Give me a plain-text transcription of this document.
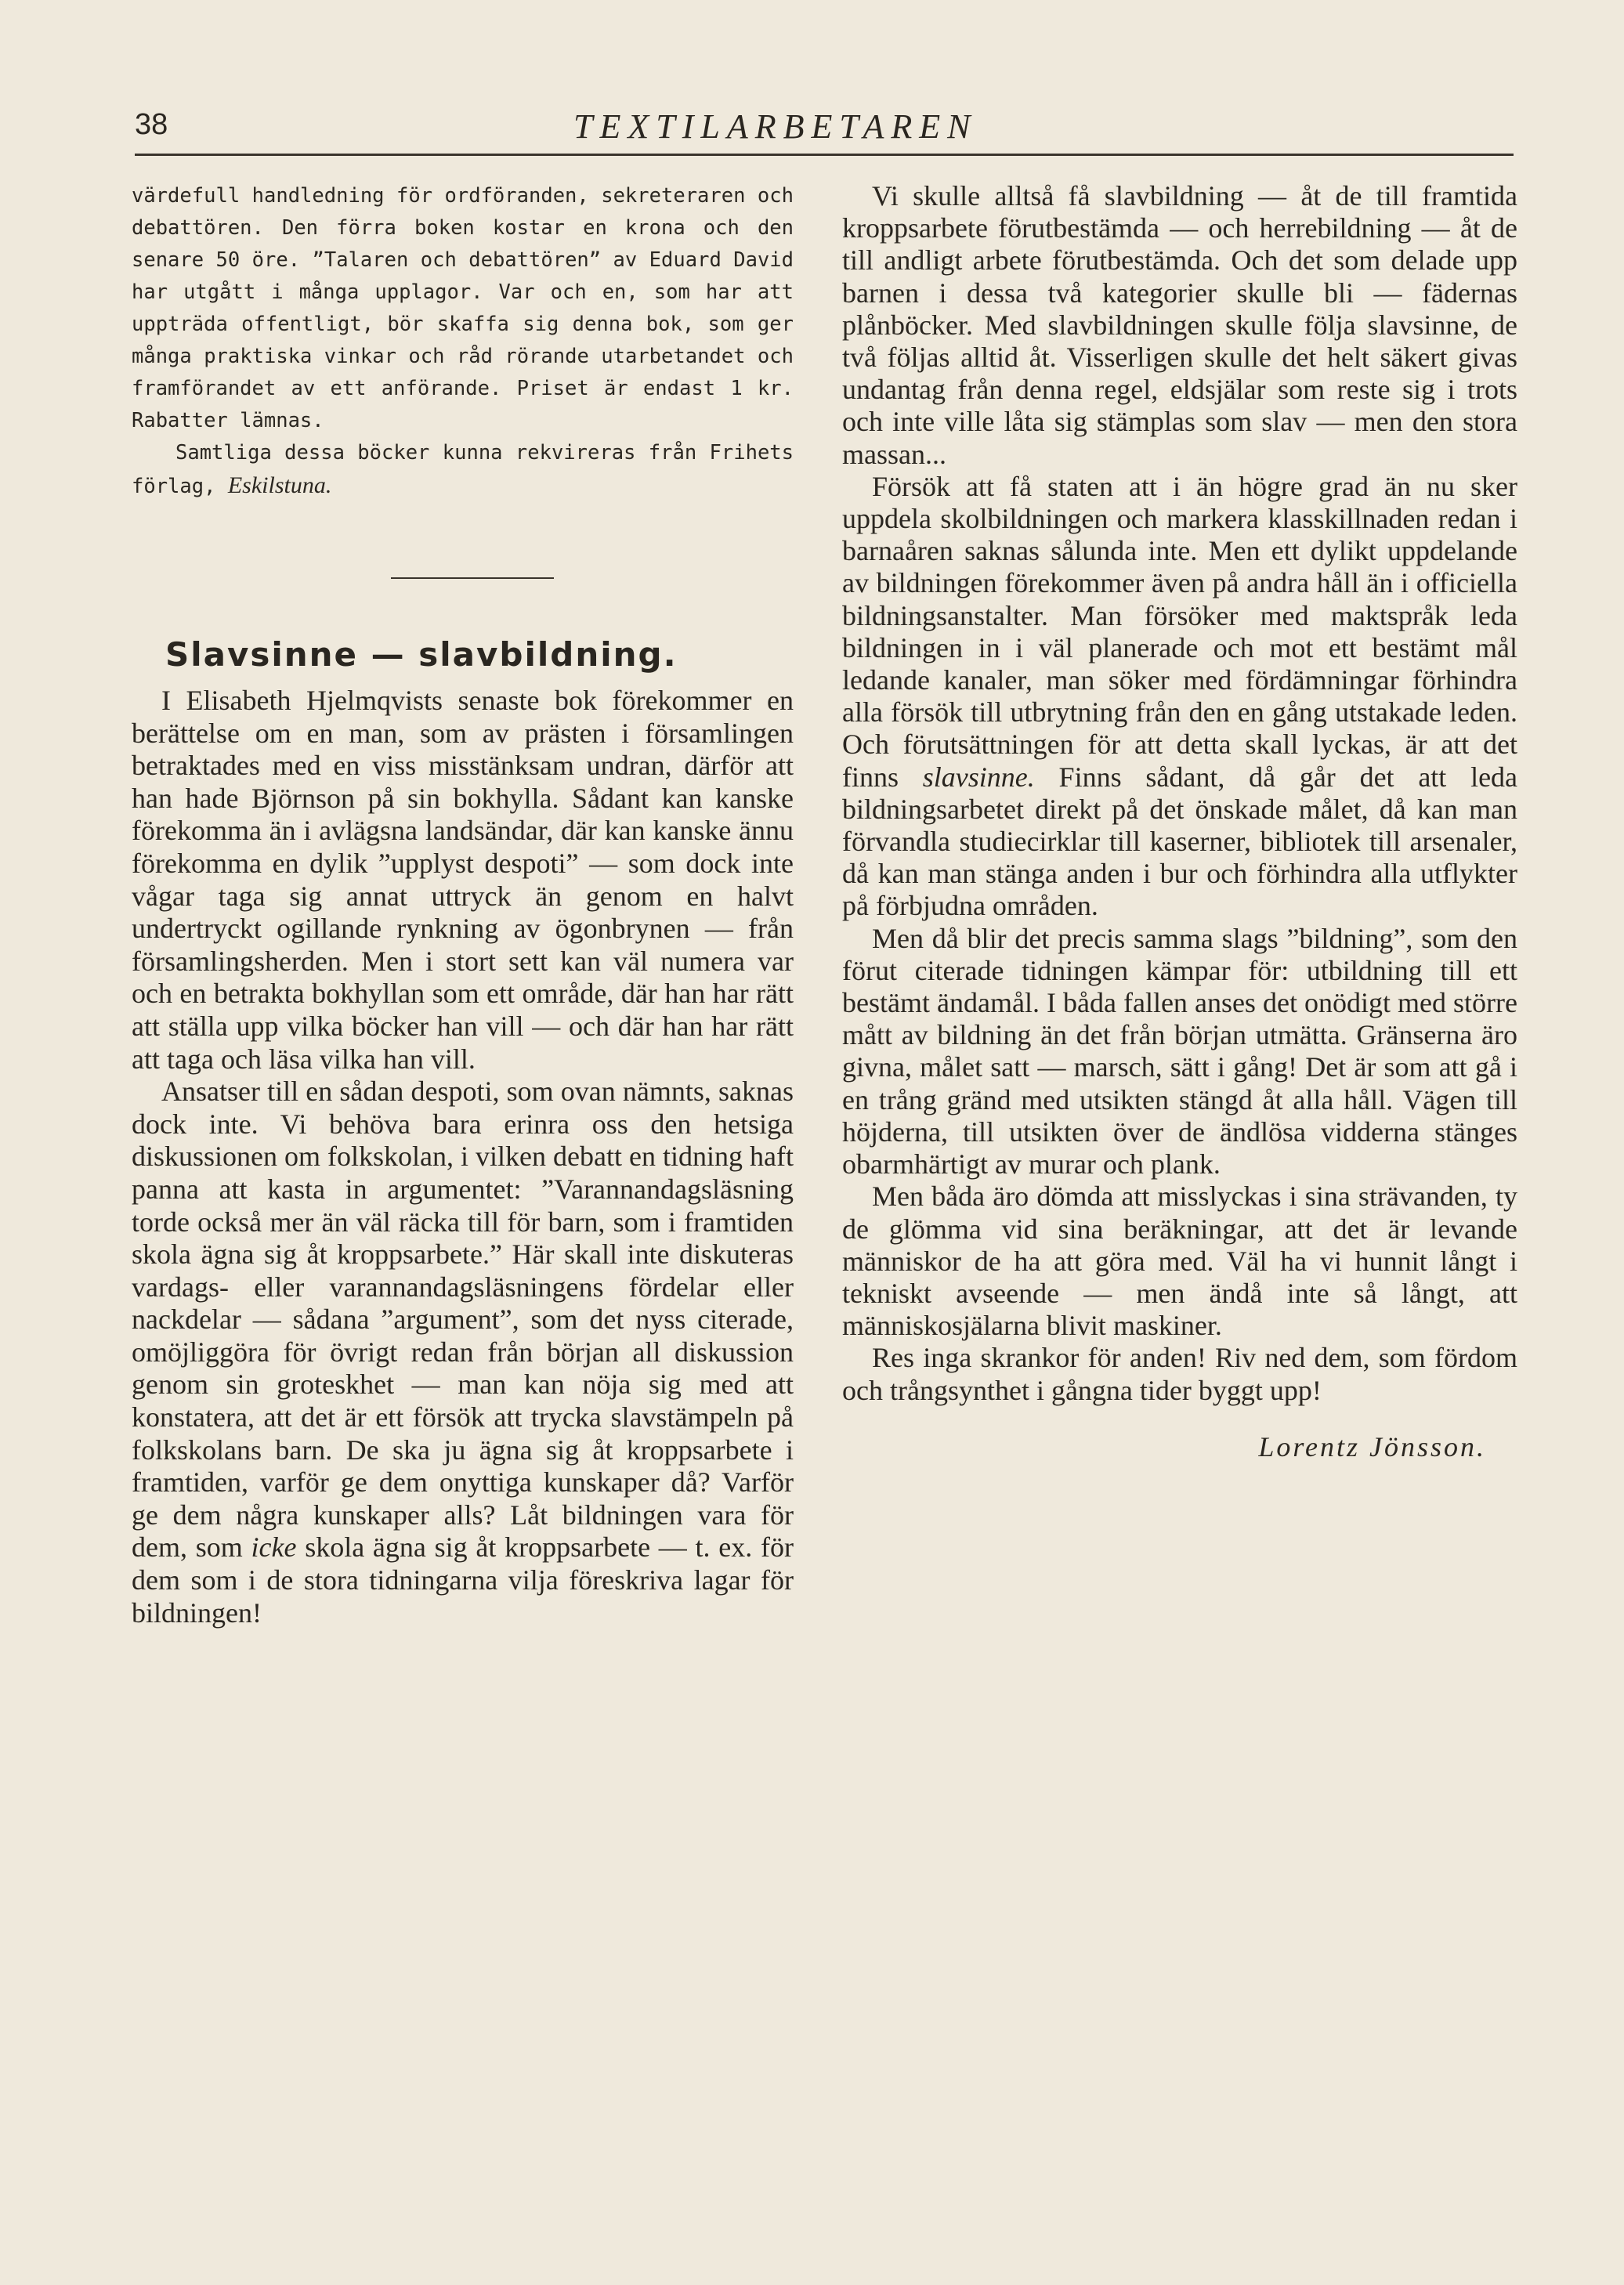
38	TEXTILARBETAREN

värdefull handledning för ordföranden, sekreteraren och debattören. Den förra boken kostar en krona och den senare 50 öre. ”Talaren och debattören” av Eduard David har utgått i många upplagor. Var och en, som har att uppträda offentligt, bör skaffa sig denna bok, som ger många praktiska vinkar och råd rörande utarbetandet och framförandet av ett anförande. Priset är endast 1 kr. Rabatter lämnas.

Samtliga dessa böcker kunna rekvireras från Frihets förlag, Eskilstuna.

Slavsinne — slavbildning.

I Elisabeth Hjelmqvists senaste bok förekommer en berättelse om en man, som av prästen i församlingen betraktades med en viss misstänksam undran, därför att han hade Björnson på sin bokhylla. Sådant kan kanske förekomma än i avlägsna landsändar, där kan kanske ännu förekomma en dylik ”upplyst despoti” — som dock inte vågar taga sig annat uttryck än genom en halvt undertryckt ogillande rynkning av ögonbrynen — från församlingsherden. Men i stort sett kan väl numera var och en betrakta bokhyllan som ett område, där han har rätt att ställa upp vilka böcker han vill — och där han har rätt att taga och läsa vilka han vill.

Ansatser till en sådan despoti, som ovan nämnts, saknas dock inte. Vi behöva bara erinra oss den hetsiga diskussionen om folkskolan, i vilken debatt en tidning haft panna att kasta in argumentet: ”Varannandagsläsning torde också mer än väl räcka till för barn, som i framtiden skola ägna sig åt kroppsarbete.” Här skall inte diskuteras vardags- eller varannandagsläsningens fördelar eller nackdelar — sådana ”argument”, som det nyss citerade, omöjliggöra för övrigt redan från början all diskussion genom sin groteskhet — man kan nöja sig med att konstatera, att det är ett försök att trycka slavstämpeln på folkskolans barn. De ska ju ägna sig åt kroppsarbete i framtiden, varför ge dem onyttiga kunskaper då? Varför ge dem några kunskaper alls? Låt bildningen vara för dem, som icke skola ägna sig åt kroppsarbete — t. ex. för dem som i de stora tidningarna vilja föreskriva lagar för bildningen!

Vi skulle alltså få slavbildning — åt de till framtida kroppsarbete förutbestämda — och herrebildning — åt de till andligt arbete förutbestämda. Och det som delade upp barnen i dessa två kategorier skulle bli — fädernas plånböcker. Med slavbildningen skulle följa slavsinne, de två följas alltid åt. Visserligen skulle det helt säkert givas undantag från denna regel, eldsjälar som reste sig i trots och inte ville låta sig stämplas som slav — men den stora massan...

Försök att få staten att i än högre grad än nu sker uppdela skolbildningen och markera klasskillnaden redan i barnaåren saknas sålunda inte. Men ett dylikt uppdelande av bildningen förekommer även på andra håll än i officiella bildningsanstalter. Man försöker med maktspråk leda bildningen in i väl planerade och mot ett bestämt mål ledande kanaler, man söker med fördämningar förhindra alla försök till utbrytning från den en gång utstakade leden. Och förutsättningen för att detta skall lyckas, är att det finns slavsinne. Finns sådant, då går det att leda bildningsarbetet direkt på det önskade målet, då kan man förvandla studiecirklar till kaserner, bibliotek till arsenaler, då kan man stänga anden i bur och förhindra alla utflykter på förbjudna områden.

Men då blir det precis samma slags ”bildning”, som den förut citerade tidningen kämpar för: utbildning till ett bestämt ändamål. I båda fallen anses det onödigt med större mått av bildning än det från början utmätta. Gränserna äro givna, målet satt — marsch, sätt i gång! Det är som att gå i en trång gränd med utsikten stängd åt alla håll. Vägen till höjderna, till utsikten över de ändlösa vidderna stänges obarmhärtigt av murar och plank.

Men båda äro dömda att misslyckas i sina strävanden, ty de glömma vid sina beräkningar, att det är levande människor de ha att göra med. Väl ha vi hunnit långt i tekniskt avseende — men ändå inte så långt, att människosjälarna blivit maskiner.

Res inga skrankor för anden! Riv ned dem, som fördom och trångsynthet i gångna tider byggt upp!

Lorentz Jönsson.
